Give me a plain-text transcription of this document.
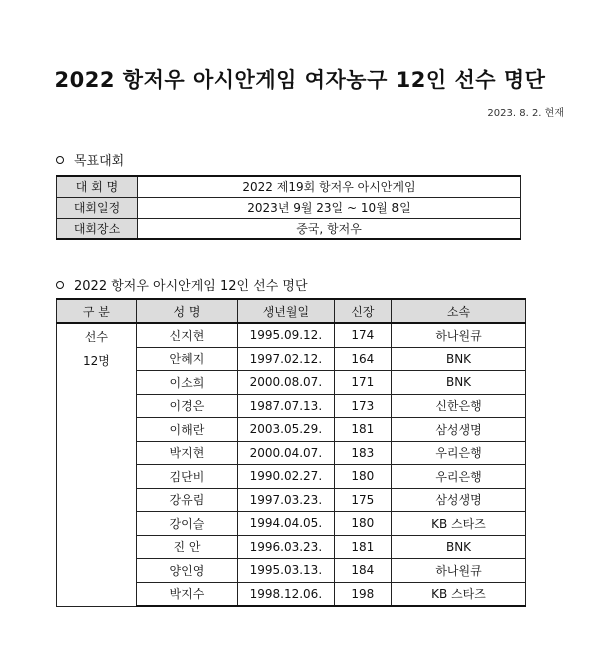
2022 항저우 아시안게임 여자농구 12인 선수 명단
2023. 8. 2. 현재
목표대회
대 회 명	2022 제19회 항저우 아시안게임
대회일정	2023년 9월 23일 ~ 10월 8일
대회장소	중국, 항저우
2022 항저우 아시안게임 12인 선수 명단
구 분	성 명	생년월일	신장	소속

선수
12명	신지현	1995.09.12.	174	하나원큐
	안혜지	1997.02.12.	164	BNK
	이소희	2000.08.07.	171	BNK
	이경은	1987.07.13.	173	신한은행
	이해란	2003.05.29.	181	삼성생명
	박지현	2000.04.07.	183	우리은행
	김단비	1990.02.27.	180	우리은행
	강유림	1997.03.23.	175	삼성생명
	강이슬	1994.04.05.	180	KB 스타즈
	진 안	1996.03.23.	181	BNK
	양인영	1995.03.13.	184	하나원큐
	박지수	1998.12.06.	198	KB 스타즈
